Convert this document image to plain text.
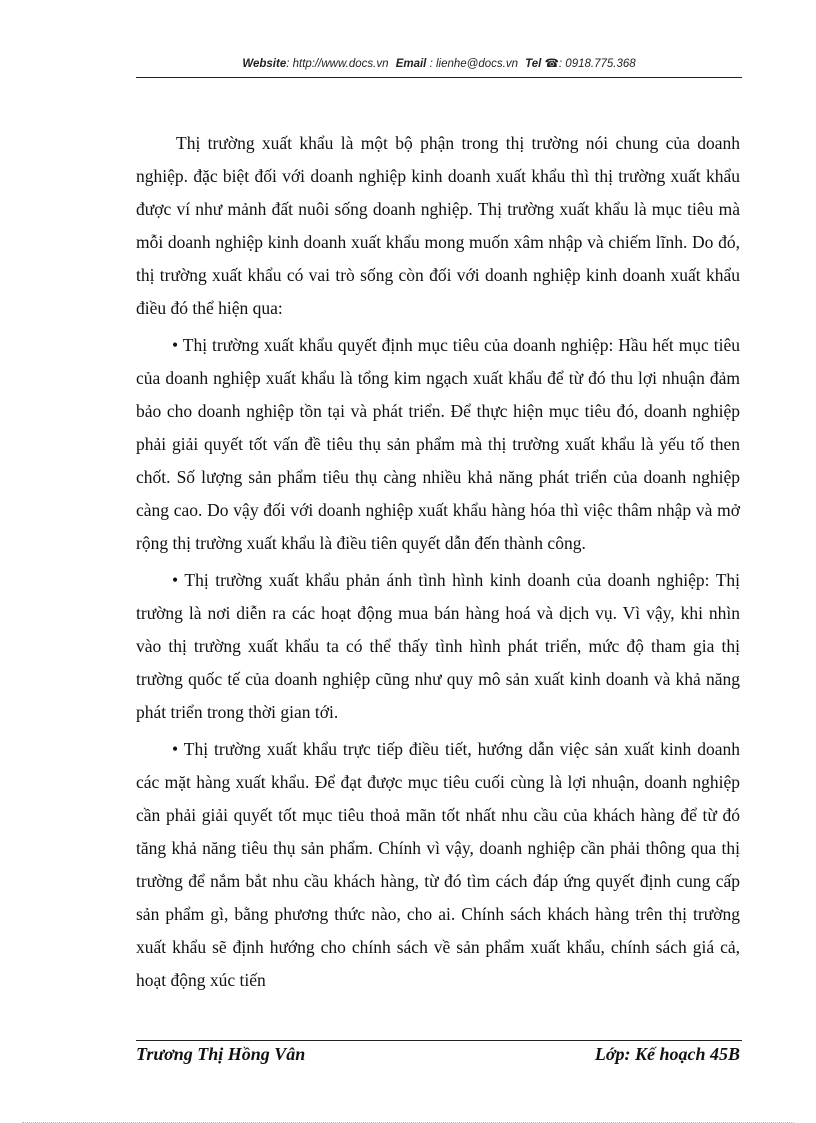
Website: http://www.docs.vn Email : lienhe@docs.vn Tel ☎: 0918.775.368

Thị trường xuất khẩu là một bộ phận trong thị trường nói chung của doanh nghiệp. đặc biệt đối với doanh nghiệp kinh doanh xuất khẩu thì thị trường xuất khẩu được ví như mảnh đất nuôi sống doanh nghiệp. Thị trường xuất khẩu là mục tiêu mà mỗi doanh nghiệp kinh doanh xuất khẩu mong muốn xâm nhập và chiếm lĩnh. Do đó, thị trường xuất khẩu có vai trò sống còn đối với doanh nghiệp kinh doanh xuất khẩu điều đó thể hiện qua:

• Thị trường xuất khẩu quyết định mục tiêu của doanh nghiệp: Hầu hết mục tiêu của doanh nghiệp xuất khẩu là tổng kim ngạch xuất khẩu để từ đó thu lợi nhuận đảm bảo cho doanh nghiệp tồn tại và phát triển. Để thực hiện mục tiêu đó, doanh nghiệp phải giải quyết tốt vấn đề tiêu thụ sản phẩm mà thị trường xuất khẩu là yếu tố then chốt. Số lượng sản phẩm tiêu thụ càng nhiều khả năng phát triển của doanh nghiệp càng cao. Do vậy đối với doanh nghiệp xuất khẩu hàng hóa thì việc thâm nhập và mở rộng thị trường xuất khẩu là điều tiên quyết dẫn đến thành công.

• Thị trường xuất khẩu phản ánh tình hình kinh doanh của doanh nghiệp: Thị trường là nơi diễn ra các hoạt động mua bán hàng hoá và dịch vụ. Vì vậy, khi nhìn vào thị trường xuất khẩu ta có thể thấy tình hình phát triển, mức độ tham gia thị trường quốc tế của doanh nghiệp cũng như quy mô sản xuất kinh doanh và khả năng phát triển trong thời gian tới.

• Thị trường xuất khẩu trực tiếp điều tiết, hướng dẫn việc sản xuất kinh doanh các mặt hàng xuất khẩu. Để đạt được mục tiêu cuối cùng là lợi nhuận, doanh nghiệp cần phải giải quyết tốt mục tiêu thoả mãn tốt nhất nhu cầu của khách hàng để từ đó tăng khả năng tiêu thụ sản phẩm. Chính vì vậy, doanh nghiệp cần phải thông qua thị trường để nắm bắt nhu cầu khách hàng, từ đó tìm cách đáp ứng quyết định cung cấp sản phẩm gì, bằng phương thức nào, cho ai. Chính sách khách hàng trên thị trường xuất khẩu sẽ định hướng cho chính sách về sản phẩm xuất khẩu, chính sách giá cả, hoạt động xúc tiến

Trương Thị Hồng Vân	Lớp: Kế hoạch 45B
